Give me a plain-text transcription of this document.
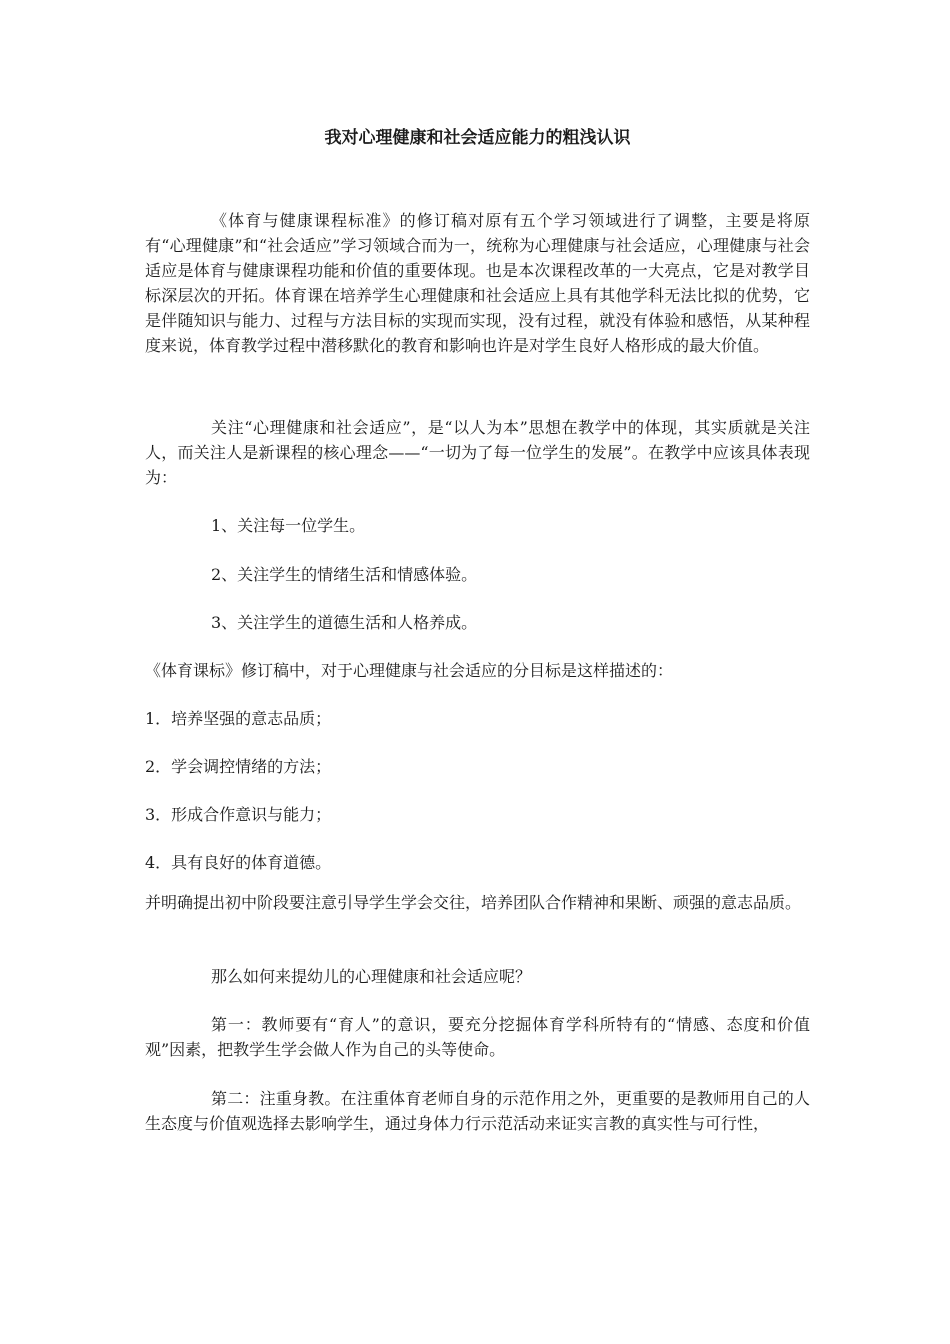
我对心理健康和社会适应能力的粗浅认识

《体育与健康课程标准》的修订稿对原有五个学习领域进行了调整，主要是将原有“心理健康”和“社会适应”学习领域合而为一，统称为心理健康与社会适应，心理健康与社会适应是体育与健康课程功能和价值的重要体现。也是本次课程改革的一大亮点，它是对教学目标深层次的开拓。体育课在培养学生心理健康和社会适应上具有其他学科无法比拟的优势，它是伴随知识与能力、过程与方法目标的实现而实现，没有过程，就没有体验和感悟，从某种程度来说，体育教学过程中潜移默化的教育和影响也许是对学生良好人格形成的最大价值。

关注“心理健康和社会适应”，是“以人为本”思想在教学中的体现，其实质就是关注人，而关注人是新课程的核心理念——“一切为了每一位学生的发展”。在教学中应该具体表现为：

1、关注每一位学生。

2、关注学生的情绪生活和情感体验。

3、关注学生的道德生活和人格养成。

《体育课标》修订稿中，对于心理健康与社会适应的分目标是这样描述的：

1．培养坚强的意志品质；

2．学会调控情绪的方法；

3．形成合作意识与能力；

4．具有良好的体育道德。

并明确提出初中阶段要注意引导学生学会交往，培养团队合作精神和果断、顽强的意志品质。

那么如何来提幼儿的心理健康和社会适应呢？

第一：教师要有“育人”的意识，要充分挖掘体育学科所特有的“情感、态度和价值观”因素，把教学生学会做人作为自己的头等使命。

第二：注重身教。在注重体育老师自身的示范作用之外，更重要的是教师用自己的人生态度与价值观选择去影响学生，通过身体力行示范活动来证实言教的真实性与可行性，
